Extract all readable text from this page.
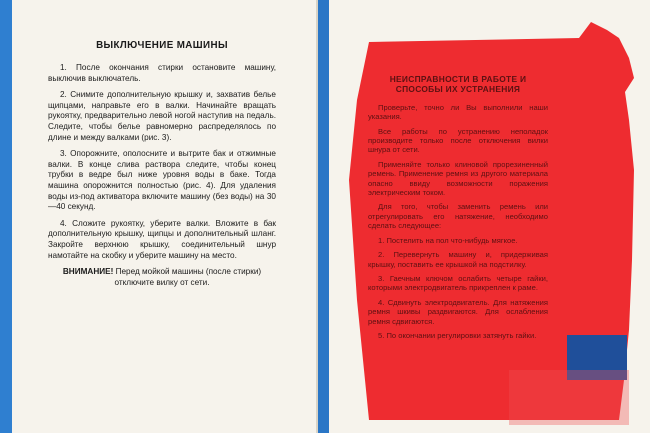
ВЫКЛЮЧЕНИЕ МАШИНЫ

1. После окончания стирки остановите машину, выключив выключатель.

2. Снимите дополнительную крышку и, захватив белье щипцами, направьте его в валки. Начинайте вращать рукоятку, предварительно левой ногой наступив на педаль. Следите, чтобы белье равномерно распределялось по длине и между валками (рис. 3).

3. Опорожните, ополосните и вытрите бак и отжимные валки. В конце слива раствора следите, чтобы конец трубки в ведре был ниже уровня воды в баке. Тогда машина опорожнится полностью (рис. 4). Для удаления воды из-под активатора включите машину (без воды) на 30—40 секунд.

4. Сложите рукоятку, уберите валки. Вложите в бак дополнительную крышку, щипцы и дополнительный шланг. Закройте верхнюю крышку, соединительный шнур намотайте на скобку и уберите машину на место.

ВНИМАНИЕ! Перед мойкой машины (после стирки) отключите вилку от сети.

НЕИСПРАВНОСТИ В РАБОТЕ И СПОСОБЫ ИХ УСТРАНЕНИЯ

Проверьте, точно ли Вы выполнили наши указания.

Все работы по устранению неполадок производите только после отключения вилки шнура от сети.

Применяйте только клиновой прорезиненный ремень. Применение ремня из другого материала опасно ввиду возможности поражения электрическим током.

Для того, чтобы заменить ремень или отрегулировать его натяжение, необходимо сделать следующее:

1. Постелить на пол что-нибудь мягкое.

2. Перевернуть машину и, придерживая крышку, поставить ее крышкой на подстилку.

3. Гаечным ключом ослабить четыре гайки, которыми электродвигатель прикреплен к раме.

4. Сдвинуть электродвигатель. Для натяжения ремня шкивы раздвигаются. Для ослабления ремня сдвигаются.

5. По окончании регулировки затянуть гайки.
